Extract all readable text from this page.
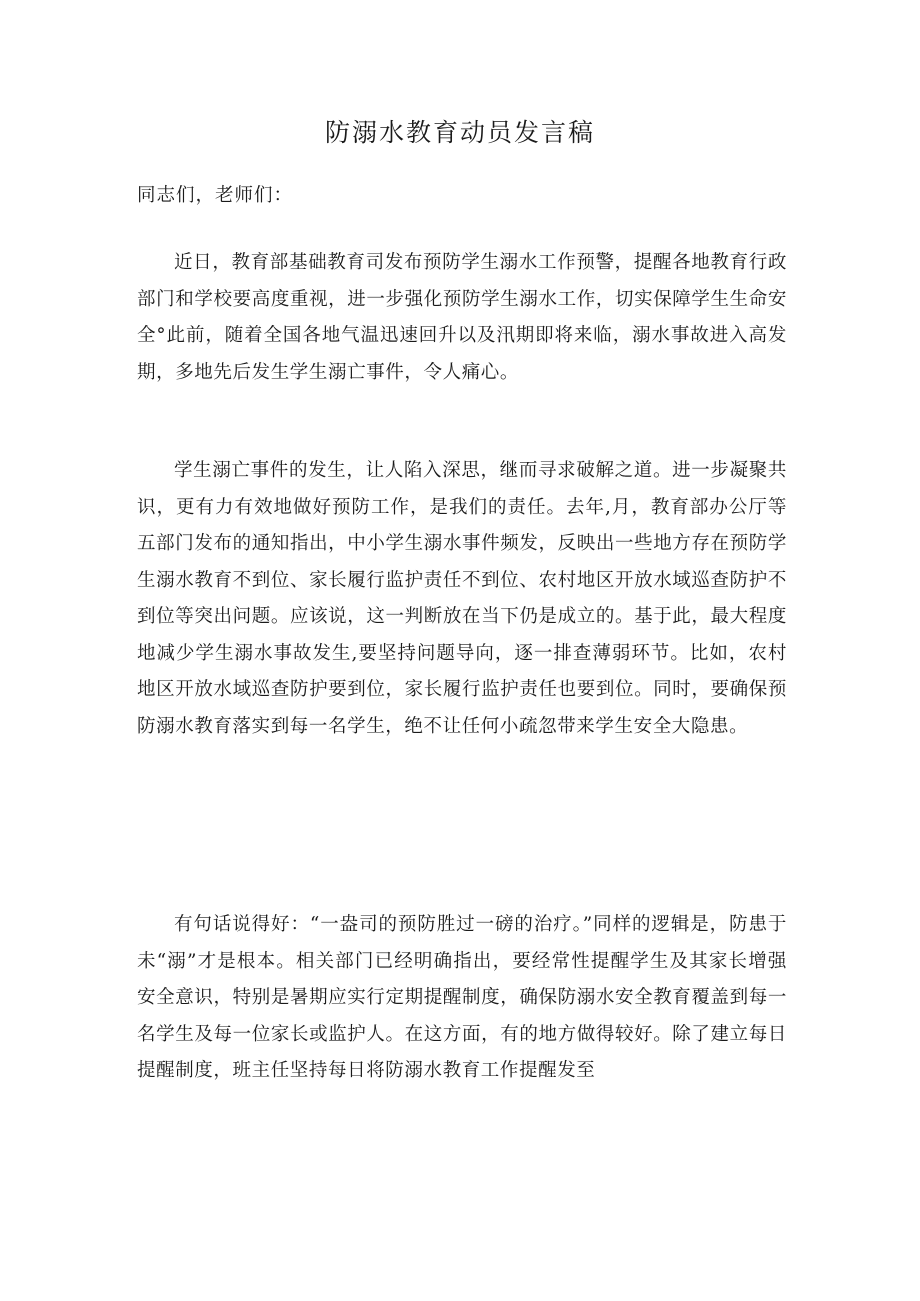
防溺水教育动员发言稿

同志们，老师们：

近日，教育部基础教育司发布预防学生溺水工作预警，提醒各地教育行政部门和学校要高度重视，进一步强化预防学生溺水工作，切实保障学生生命安全°此前，随着全国各地气温迅速回升以及汛期即将来临，溺水事故进入高发期，多地先后发生学生溺亡事件，令人痛心。

学生溺亡事件的发生，让人陷入深思，继而寻求破解之道。进一步凝聚共识，更有力有效地做好预防工作，是我们的责任。去年,月，教育部办公厅等五部门发布的通知指出，中小学生溺水事件频发，反映出一些地方存在预防学生溺水教育不到位、家长履行监护责任不到位、农村地区开放水域巡查防护不到位等突出问题。应该说，这一判断放在当下仍是成立的。基于此，最大程度地减少学生溺水事故发生,要坚持问题导向，逐一排查薄弱环节。比如，农村地区开放水域巡查防护要到位，家长履行监护责任也要到位。同时，要确保预防溺水教育落实到每一名学生，绝不让任何小疏忽带来学生安全大隐患。

有句话说得好：“一盎司的预防胜过一磅的治疗。”同样的逻辑是，防患于未“溺”才是根本。相关部门已经明确指出，要经常性提醒学生及其家长增强安全意识，特别是暑期应实行定期提醒制度，确保防溺水安全教育覆盖到每一名学生及每一位家长或监护人。在这方面，有的地方做得较好。除了建立每日提醒制度，班主任坚持每日将防溺水教育工作提醒发至
